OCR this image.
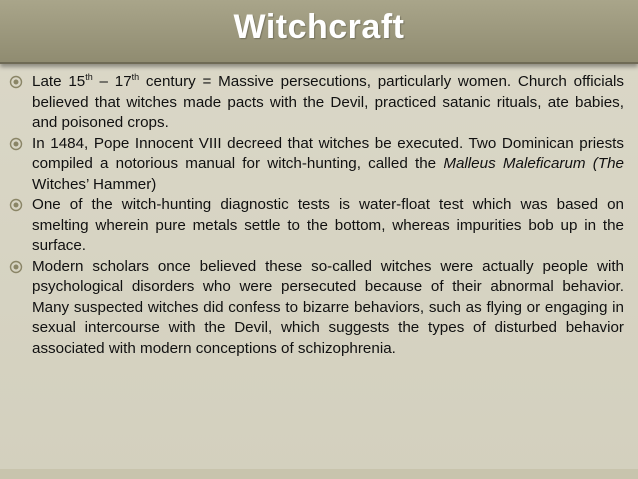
Witchcraft
Late 15th – 17th century = Massive persecutions, particularly women. Church officials believed that witches made pacts with the Devil, practiced satanic rituals, ate babies, and poisoned crops.
In 1484, Pope Innocent VIII decreed that witches be executed. Two Dominican priests compiled a notorious manual for witch-hunting, called the Malleus Maleficarum (The Witches’ Hammer)
One of the witch-hunting diagnostic tests is water-float test which was based on smelting wherein pure metals settle to the bottom, whereas impurities bob up in the surface.
Modern scholars once believed these so-called witches were actually people with psychological disorders who were persecuted because of their abnormal behavior. Many suspected witches did confess to bizarre behaviors, such as flying or engaging in sexual intercourse with the Devil, which suggests the types of disturbed behavior associated with modern conceptions of schizophrenia.
